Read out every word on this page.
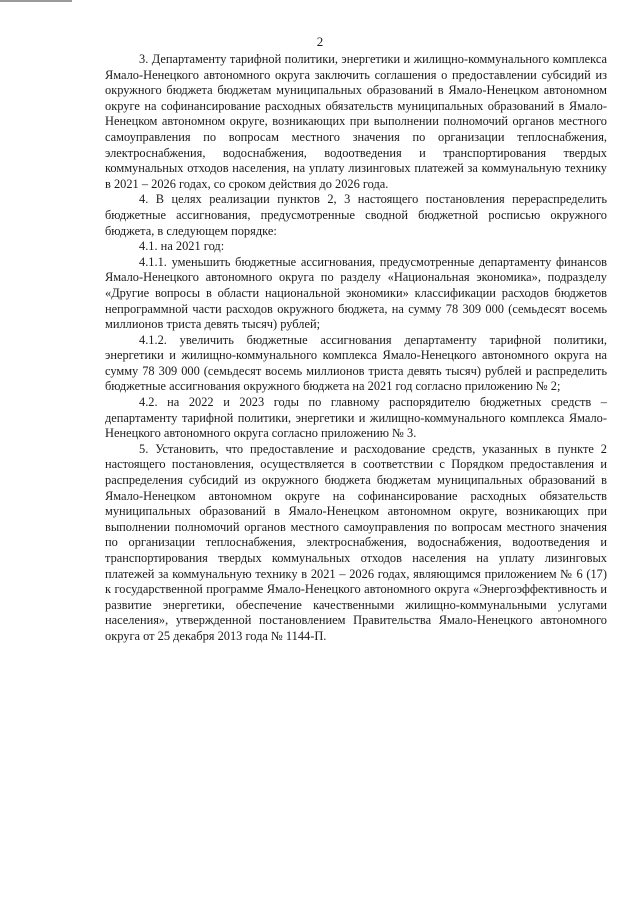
2

3. Департаменту тарифной политики, энергетики и жилищно-коммунального комплекса Ямало-Ненецкого автономного округа заключить соглашения о предоставлении субсидий из окружного бюджета бюджетам муниципальных образований в Ямало-Ненецком автономном округе на софинансирование расходных обязательств муниципальных образований в Ямало-Ненецком автономном округе, возникающих при выполнении полномочий органов местного самоуправления по вопросам местного значения по организации теплоснабжения, электроснабжения, водоснабжения, водоотведения и транспортирования твердых коммунальных отходов населения, на уплату лизинговых платежей за коммунальную технику в 2021 – 2026 годах, со сроком действия до 2026 года.

4. В целях реализации пунктов 2, 3 настоящего постановления перераспределить бюджетные ассигнования, предусмотренные сводной бюджетной росписью окружного бюджета, в следующем порядке:

4.1. на 2021 год:

4.1.1. уменьшить бюджетные ассигнования, предусмотренные департаменту финансов Ямало-Ненецкого автономного округа по разделу «Национальная экономика», подразделу «Другие вопросы в области национальной экономики» классификации расходов бюджетов непрограммной части расходов окружного бюджета, на сумму 78 309 000 (семьдесят восемь миллионов триста девять тысяч) рублей;

4.1.2. увеличить бюджетные ассигнования департаменту тарифной политики, энергетики и жилищно-коммунального комплекса Ямало-Ненецкого автономного округа на сумму 78 309 000 (семьдесят восемь миллионов триста девять тысяч) рублей и распределить бюджетные ассигнования окружного бюджета на 2021 год согласно приложению № 2;

4.2. на 2022 и 2023 годы по главному распорядителю бюджетных средств – департаменту тарифной политики, энергетики и жилищно-коммунального комплекса Ямало-Ненецкого автономного округа согласно приложению № 3.

5. Установить, что предоставление и расходование средств, указанных в пункте 2 настоящего постановления, осуществляется в соответствии с Порядком предоставления и распределения субсидий из окружного бюджета бюджетам муниципальных образований в Ямало-Ненецком автономном округе на софинансирование расходных обязательств муниципальных образований в Ямало-Ненецком автономном округе, возникающих при выполнении полномочий органов местного самоуправления по вопросам местного значения по организации теплоснабжения, электроснабжения, водоснабжения, водоотведения и транспортирования твердых коммунальных отходов населения на уплату лизинговых платежей за коммунальную технику в 2021 – 2026 годах, являющимся приложением № 6 (17) к государственной программе Ямало-Ненецкого автономного округа «Энергоэффективность и развитие энергетики, обеспечение качественными жилищно-коммунальными услугами населения», утвержденной постановлением Правительства Ямало-Ненецкого автономного округа от 25 декабря 2013 года № 1144-П.
